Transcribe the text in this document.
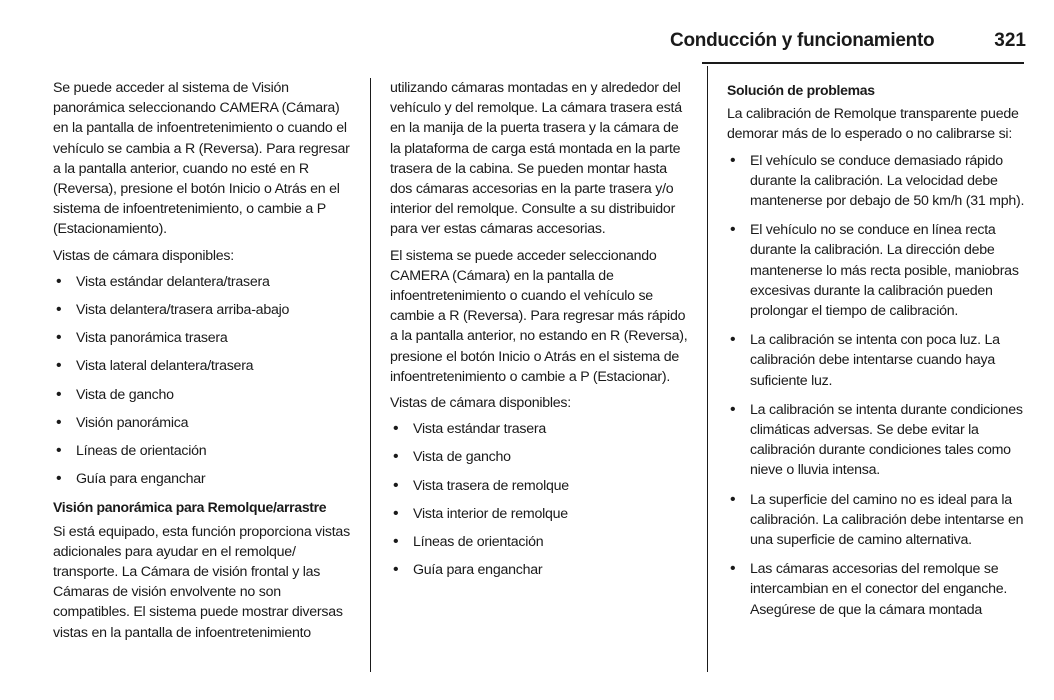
Conducción y funcionamiento	321

Se puede acceder al sistema de Visión panorámica seleccionando CAMERA (Cámara) en la pantalla de infoentretenimiento o cuando el vehículo se cambia a R (Reversa). Para regresar a la pantalla anterior, cuando no esté en R (Reversa), presione el botón Inicio o Atrás en el sistema de infoentretenimiento, o cambie a P (Estacionamiento).

Vistas de cámara disponibles:

• Vista estándar delantera/trasera
• Vista delantera/trasera arriba-abajo
• Vista panorámica trasera
• Vista lateral delantera/trasera
• Vista de gancho
• Visión panorámica
• Líneas de orientación
• Guía para enganchar
Visión panorámica para Remolque/arrastre

Si está equipado, esta función proporciona vistas adicionales para ayudar en el remolque/ transporte. La Cámara de visión frontal y las Cámaras de visión envolvente no son compatibles. El sistema puede mostrar diversas vistas en la pantalla de infoentretenimiento

utilizando cámaras montadas en y alrededor del vehículo y del remolque. La cámara trasera está en la manija de la puerta trasera y la cámara de la plataforma de carga está montada en la parte trasera de la cabina. Se pueden montar hasta dos cámaras accesorias en la parte trasera y/o interior del remolque. Consulte a su distribuidor para ver estas cámaras accesorias.

El sistema se puede acceder seleccionando CAMERA (Cámara) en la pantalla de infoentretenimiento o cuando el vehículo se cambie a R (Reversa). Para regresar más rápido a la pantalla anterior, no estando en R (Reversa), presione el botón Inicio o Atrás en el sistema de infoentretenimiento o cambie a P (Estacionar).

Vistas de cámara disponibles:

• Vista estándar trasera
• Vista de gancho
• Vista trasera de remolque
• Vista interior de remolque
• Líneas de orientación
• Guía para enganchar
Solución de problemas

La calibración de Remolque transparente puede demorar más de lo esperado o no calibrarse si:

• El vehículo se conduce demasiado rápido durante la calibración. La velocidad debe mantenerse por debajo de 50 km/h (31 mph).
• El vehículo no se conduce en línea recta durante la calibración. La dirección debe mantenerse lo más recta posible, maniobras excesivas durante la calibración pueden prolongar el tiempo de calibración.
• La calibración se intenta con poca luz. La calibración debe intentarse cuando haya suficiente luz.
• La calibración se intenta durante condiciones climáticas adversas. Se debe evitar la calibración durante condiciones tales como nieve o lluvia intensa.
• La superficie del camino no es ideal para la calibración. La calibración debe intentarse en una superficie de camino alternativa.
• Las cámaras accesorias del remolque se intercambian en el conector del enganche. Asegúrese de que la cámara montada
